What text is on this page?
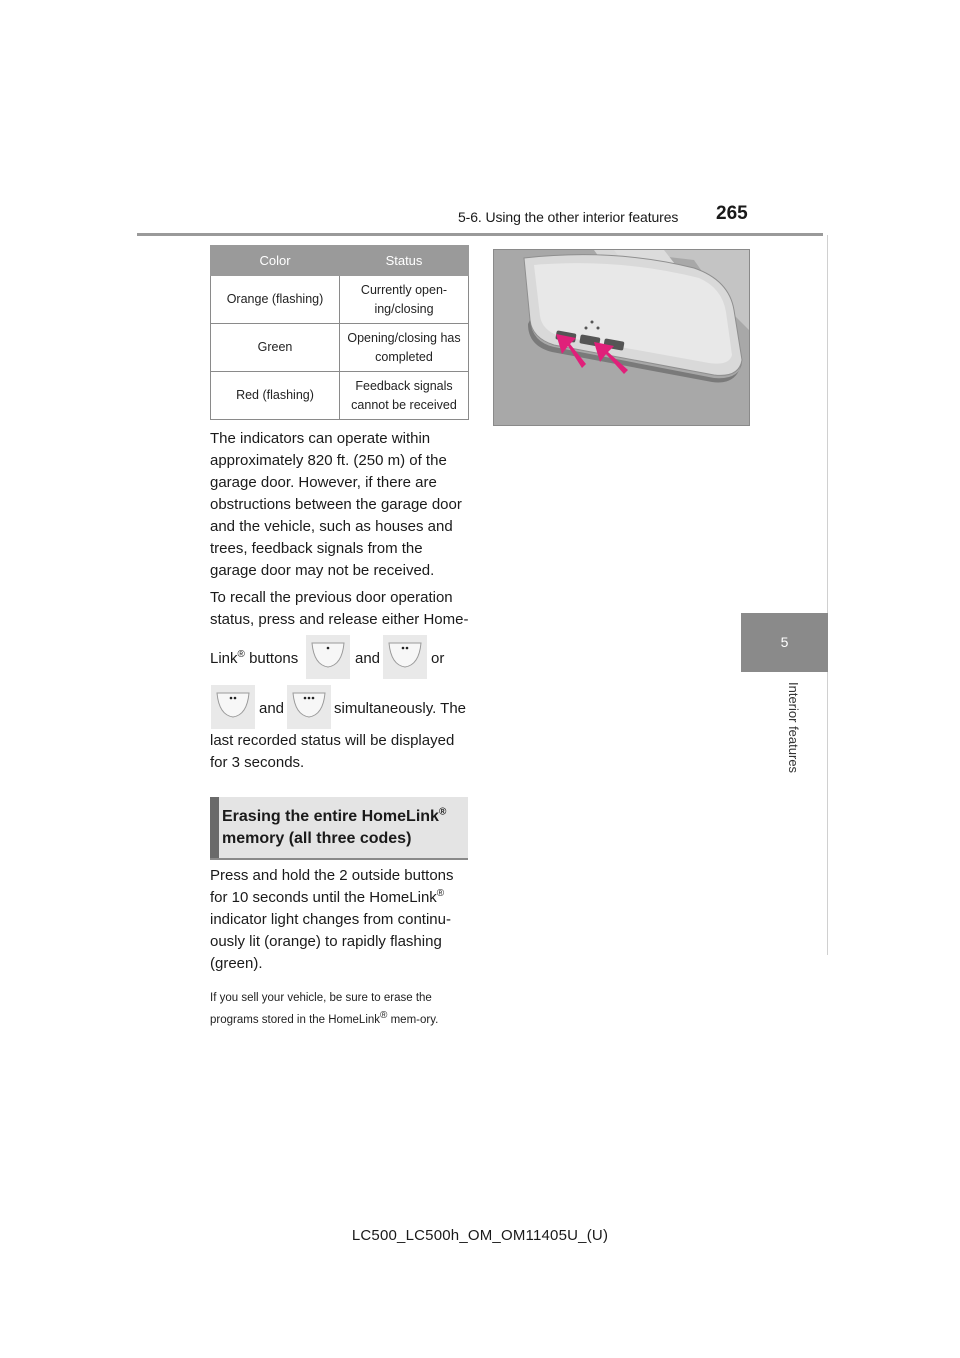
5-6. Using the other interior features 265
5
Interior features
Color	Status
Orange (flashing)	Currently open-ing/closing
Green	Opening/closing has completed
Red (flashing)	Feedback signals cannot be received
The indicators can operate within approximately 820 ft. (250 m) of the garage door. However, if there are obstructions between the garage door and the vehicle, such as houses and trees, feedback signals from the garage door may not be received.
To recall the previous door operation status, press and release either Home-
Link® buttons	and	or
and	simultaneously. The
last recorded status will be displayed for 3 seconds.
Erasing the entire HomeLink®
memory (all three codes)
Press and hold the 2 outside buttons for 10 seconds until the HomeLink® indicator light changes from continu-ously lit (orange) to rapidly flashing (green).
If you sell your vehicle, be sure to erase the programs stored in the HomeLink® mem-ory.
LC500_LC500h_OM_OM11405U_(U)
